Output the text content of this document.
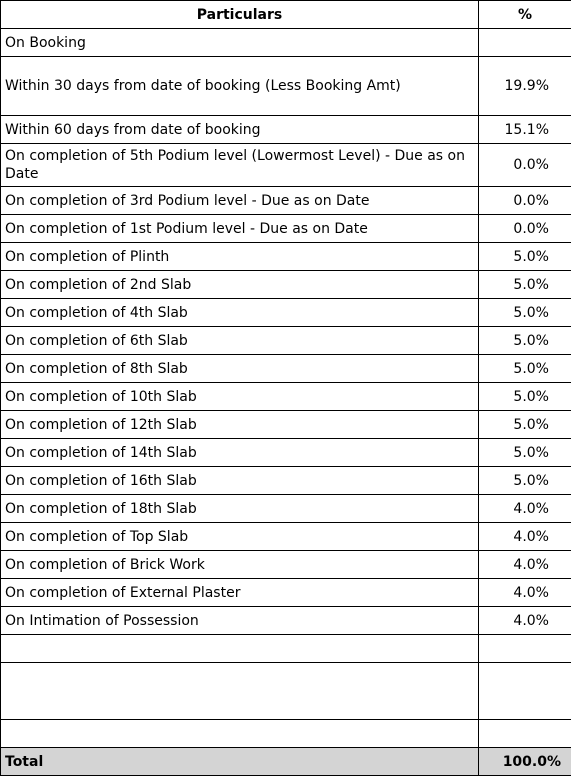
Particulars	%
On Booking	
Within 30 days from date of booking (Less Booking Amt)	19.9%
Within 60 days from date of booking	15.1%
On completion of 5th Podium level (Lowermost Level) - Due as on Date	0.0%
On completion of 3rd Podium level - Due as on Date	0.0%
On completion of 1st Podium level - Due as on Date	0.0%
On completion of Plinth	5.0%
On completion of 2nd Slab	5.0%
On completion of 4th Slab	5.0%
On completion of 6th Slab	5.0%
On completion of 8th Slab	5.0%
On completion of 10th Slab	5.0%
On completion of 12th Slab	5.0%
On completion of 14th Slab	5.0%
On completion of 16th Slab	5.0%
On completion of 18th Slab	4.0%
On completion of Top Slab	4.0%
On completion of Brick Work	4.0%
On completion of External Plaster	4.0%
On Intimation of Possession	4.0%

Total	100.0%
